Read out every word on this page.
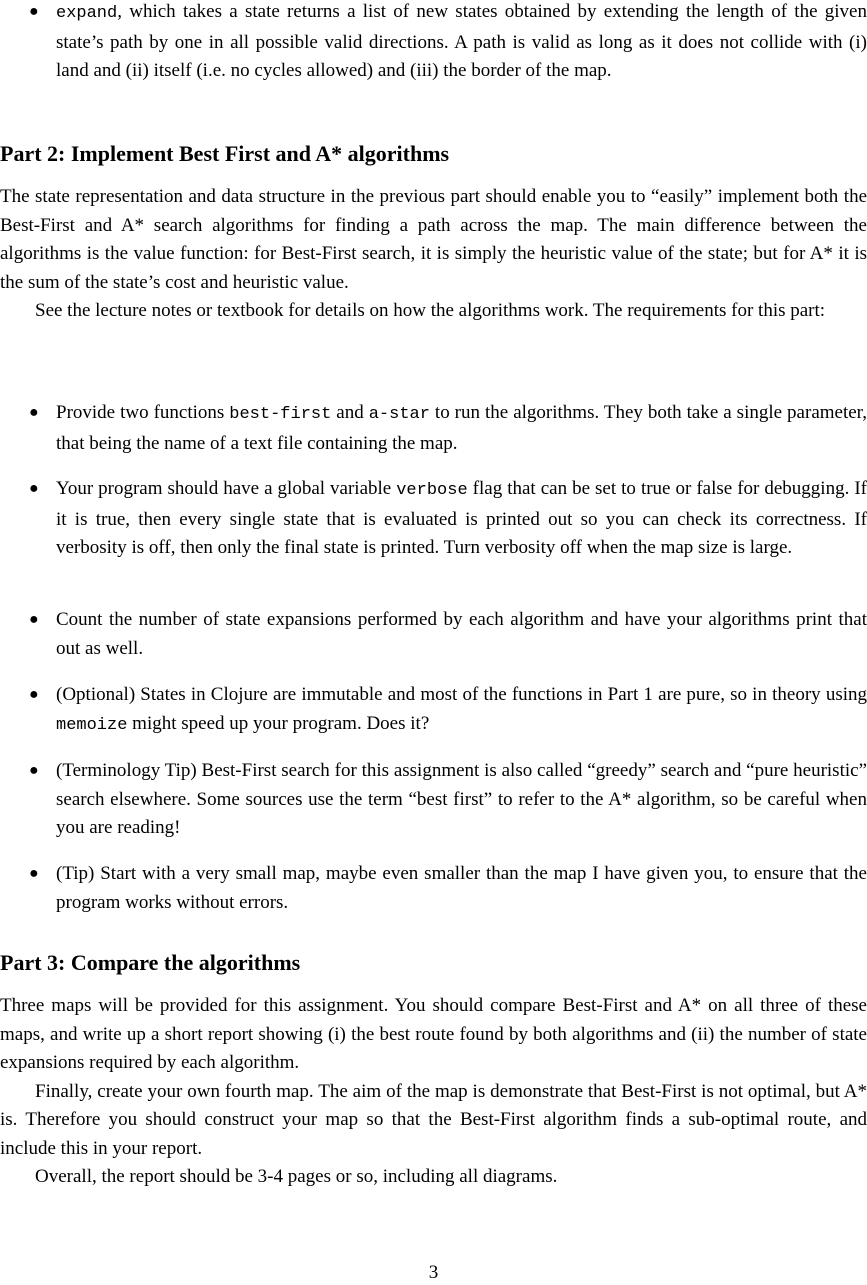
● expand, which takes a state returns a list of new states obtained by extending the length of the given state’s path by one in all possible valid directions. A path is valid as long as it does not collide with (i) land and (ii) itself (i.e. no cycles allowed) and (iii) the border of the map.

Part 2: Implement Best First and A* algorithms

The state representation and data structure in the previous part should enable you to “easily” implement both the Best-First and A* search algorithms for finding a path across the map. The main difference between the algorithms is the value function: for Best-First search, it is simply the heuristic value of the state; but for A* it is the sum of the state’s cost and heuristic value.

See the lecture notes or textbook for details on how the algorithms work. The requirements for this part:

● Provide two functions best-first and a-star to run the algorithms. They both take a single parameter, that being the name of a text file containing the map.

● Your program should have a global variable verbose flag that can be set to true or false for debugging. If it is true, then every single state that is evaluated is printed out so you can check its correctness. If verbosity is off, then only the final state is printed. Turn verbosity off when the map size is large.

● Count the number of state expansions performed by each algorithm and have your algorithms print that out as well.

● (Optional) States in Clojure are immutable and most of the functions in Part 1 are pure, so in theory using memoize might speed up your program. Does it?

● (Terminology Tip) Best-First search for this assignment is also called “greedy” search and “pure heuristic” search elsewhere. Some sources use the term “best first” to refer to the A* algorithm, so be careful when you are reading!

● (Tip) Start with a very small map, maybe even smaller than the map I have given you, to ensure that the program works without errors.

Part 3: Compare the algorithms

Three maps will be provided for this assignment. You should compare Best-First and A* on all three of these maps, and write up a short report showing (i) the best route found by both algorithms and (ii) the number of state expansions required by each algorithm.

Finally, create your own fourth map. The aim of the map is demonstrate that Best-First is not optimal, but A* is. Therefore you should construct your map so that the Best-First algorithm finds a sub-optimal route, and include this in your report.

Overall, the report should be 3-4 pages or so, including all diagrams.

3
